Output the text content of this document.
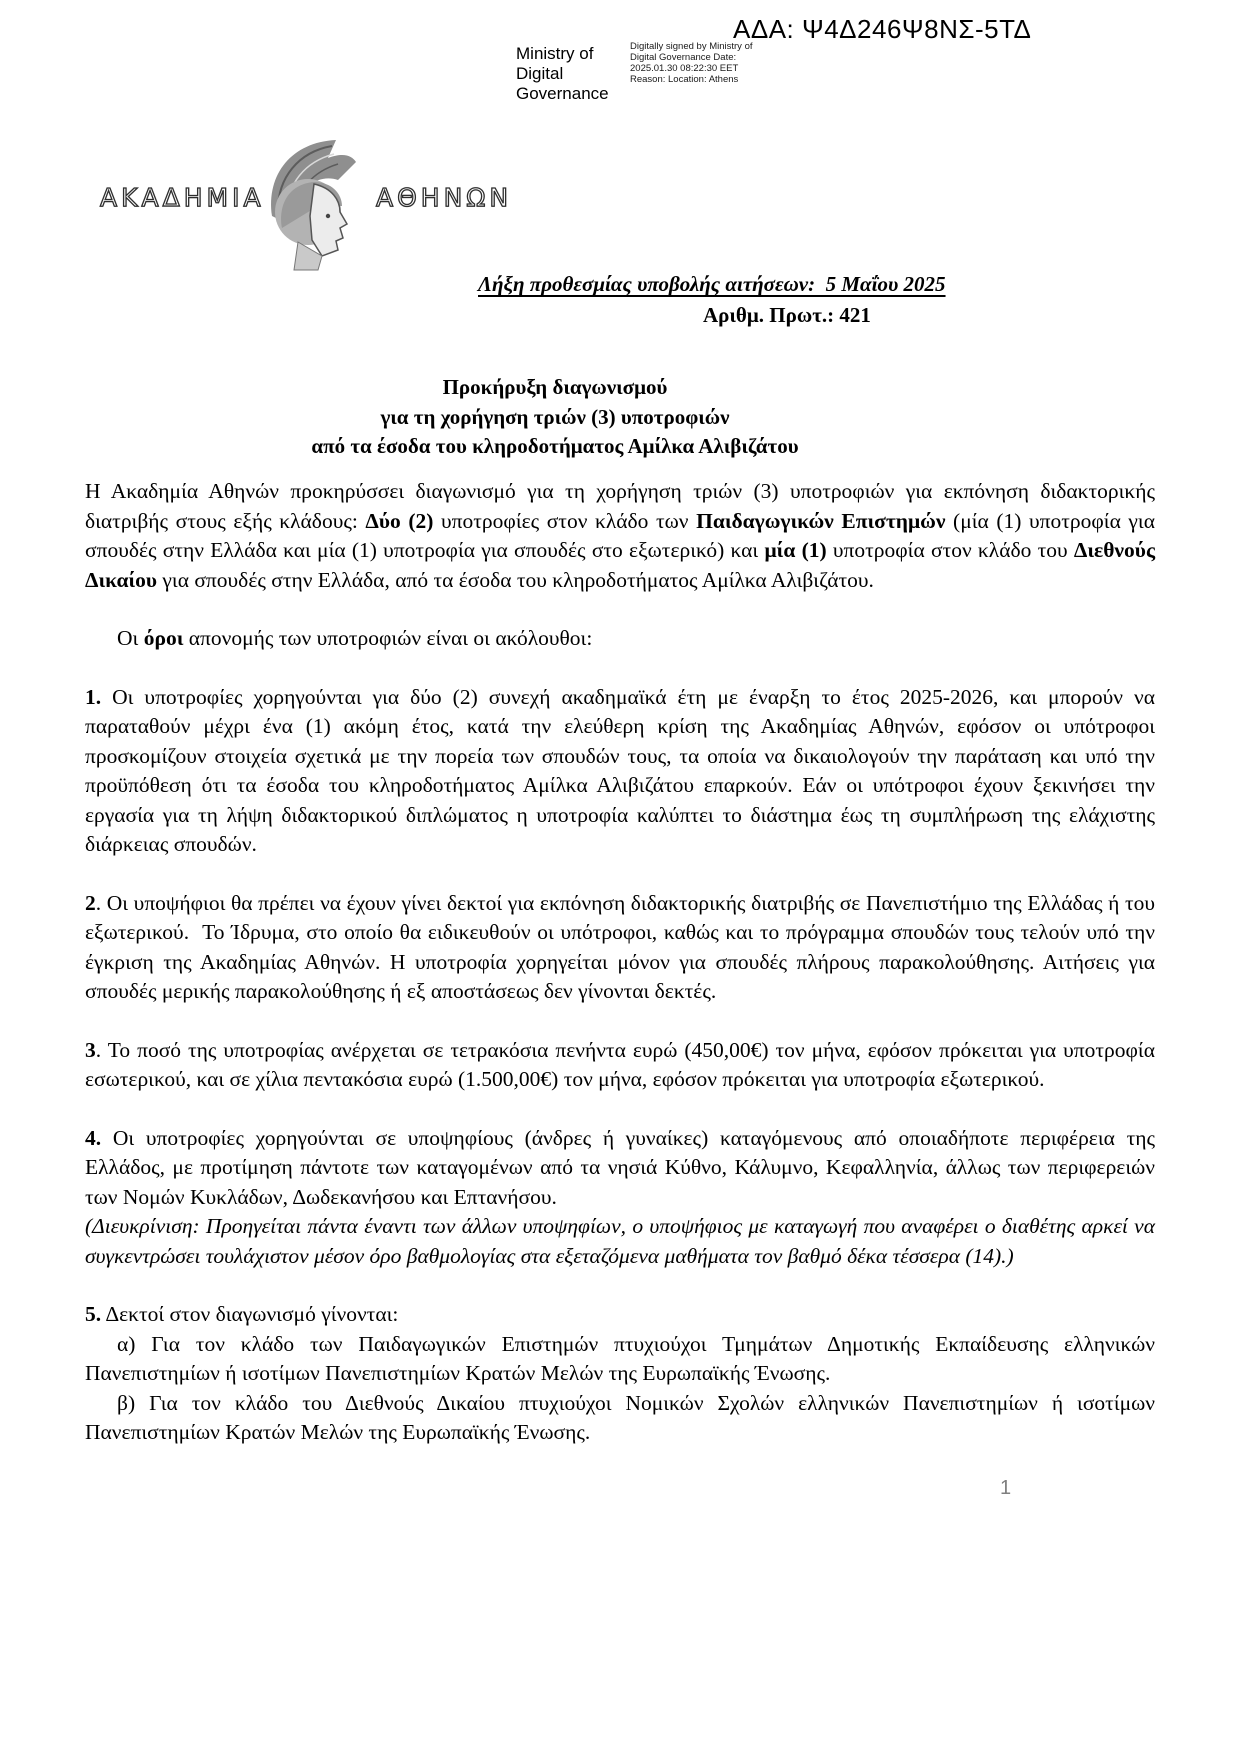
ΑΔΑ: Ψ4Δ246Ψ8ΝΣ-5ΤΔ
Ministry of Digital Governance
Digitally signed by Ministry of Digital Governance Date: 2025.01.30 08:22:30 EET Reason: Location: Athens
ΑΚΑΔΗΜΙΑ	ΑΘΗΝΩΝ
Λήξη προθεσμίας υποβολής αιτήσεων:  5 Μαΐου 2025
Αριθμ. Πρωτ.: 421
Προκήρυξη διαγωνισμού
για τη χορήγηση τριών (3) υποτροφιών
από τα έσοδα του κληροδοτήματος Αμίλκα Αλιβιζάτου

Η Ακαδημία Αθηνών προκηρύσσει διαγωνισμό για τη χορήγηση τριών (3) υποτροφιών για εκπόνηση διδακτορικής διατριβής στους εξής κλάδους: Δύο (2) υποτροφίες στον κλάδο των Παιδαγωγικών Επιστημών (μία (1) υποτροφία για σπουδές στην Ελλάδα και μία (1) υποτροφία για σπουδές στο εξωτερικό) και μία (1) υποτροφία στον κλάδο του Διεθνούς Δικαίου για σπουδές στην Ελλάδα, από τα έσοδα του κληροδοτήματος Αμίλκα Αλιβιζάτου.

Οι όροι απονομής των υποτροφιών είναι οι ακόλουθοι:

1. Οι υποτροφίες χορηγούνται για δύο (2) συνεχή ακαδημαϊκά έτη με έναρξη το έτος 2025-2026, και μπορούν να παραταθούν μέχρι ένα (1) ακόμη έτος, κατά την ελεύθερη κρίση της Ακαδημίας Αθηνών, εφόσον οι υπότροφοι προσκομίζουν στοιχεία σχετικά με την πορεία των σπουδών τους, τα οποία να δικαιολογούν την παράταση και υπό την προϋπόθεση ότι τα έσοδα του κληροδοτήματος Αμίλκα Αλιβιζάτου επαρκούν. Εάν οι υπότροφοι έχουν ξεκινήσει την εργασία για τη λήψη διδακτορικού διπλώματος η υποτροφία καλύπτει το διάστημα έως τη συμπλήρωση της ελάχιστης διάρκειας σπουδών.

2. Οι υποψήφιοι θα πρέπει να έχουν γίνει δεκτοί για εκπόνηση διδακτορικής διατριβής σε Πανεπιστήμιο της Ελλάδας ή του εξωτερικού.  Το Ίδρυμα, στο οποίο θα ειδικευθούν οι υπότροφοι, καθώς και το πρόγραμμα σπουδών τους τελούν υπό την έγκριση της Ακαδημίας Αθηνών. Η υποτροφία χορηγείται μόνον για σπουδές πλήρους παρακολούθησης. Αιτήσεις για σπουδές μερικής παρακολούθησης ή εξ αποστάσεως δεν γίνονται δεκτές.

3. Το ποσό της υποτροφίας ανέρχεται σε τετρακόσια πενήντα ευρώ (450,00€) τον μήνα, εφόσον πρόκειται για υποτροφία εσωτερικού, και σε χίλια πεντακόσια ευρώ (1.500,00€) τον μήνα, εφόσον πρόκειται για υποτροφία εξωτερικού.

4. Οι υποτροφίες χορηγούνται σε υποψηφίους (άνδρες ή γυναίκες) καταγόμενους από οποιαδήποτε περιφέρεια της Ελλάδος, με προτίμηση πάντοτε των καταγομένων από τα νησιά Κύθνο, Κάλυμνο, Κεφαλληνία, άλλως των περιφερειών των Νομών Κυκλάδων, Δωδεκανήσου και Επτανήσου.

(Διευκρίνιση: Προηγείται πάντα έναντι των άλλων υποψηφίων, ο υποψήφιος με καταγωγή που αναφέρει ο διαθέτης αρκεί να συγκεντρώσει τουλάχιστον μέσον όρο βαθμολογίας στα εξεταζόμενα μαθήματα τον βαθμό δέκα τέσσερα (14).)

5. Δεκτοί στον διαγωνισμό γίνονται:

α) Για τον κλάδο των Παιδαγωγικών Επιστημών πτυχιούχοι Τμημάτων Δημοτικής Εκπαίδευσης ελληνικών Πανεπιστημίων ή ισοτίμων Πανεπιστημίων Κρατών Μελών της Ευρωπαϊκής Ένωσης.

β) Για τον κλάδο του Διεθνούς Δικαίου πτυχιούχοι Νομικών Σχολών ελληνικών Πανεπιστημίων ή ισοτίμων Πανεπιστημίων Κρατών Μελών της Ευρωπαϊκής Ένωσης.

1
